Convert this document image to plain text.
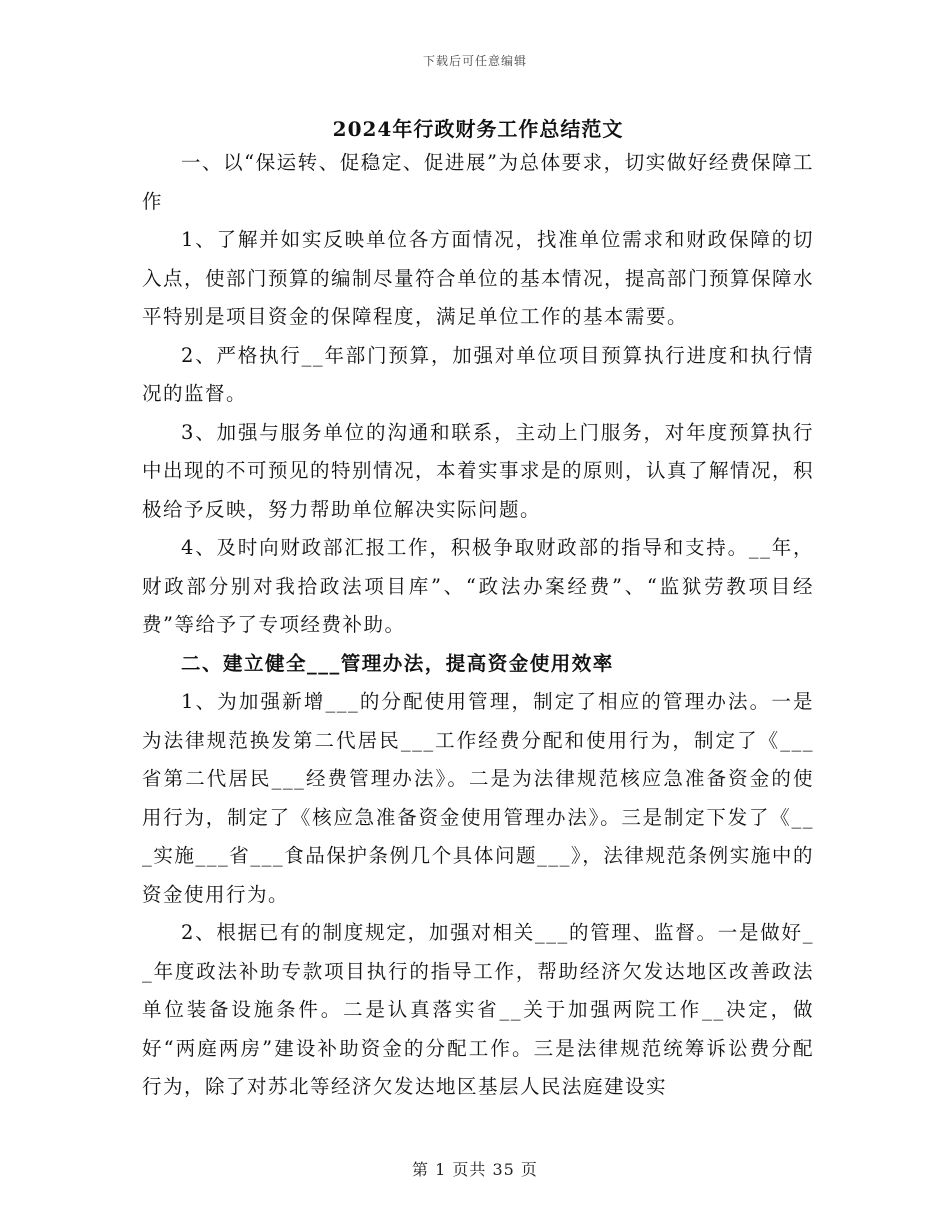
下载后可任意编辑
2024年行政财务工作总结范文

一、以“保运转、促稳定、促进展”为总体要求，切实做好经费保障工作

1、了解并如实反映单位各方面情况，找准单位需求和财政保障的切入点，使部门预算的编制尽量符合单位的基本情况，提高部门预算保障水平特别是项目资金的保障程度，满足单位工作的基本需要。

2、严格执行__年部门预算，加强对单位项目预算执行进度和执行情况的监督。

3、加强与服务单位的沟通和联系，主动上门服务，对年度预算执行中出现的不可预见的特别情况，本着实事求是的原则，认真了解情况，积极给予反映，努力帮助单位解决实际问题。

4、及时向财政部汇报工作，积极争取财政部的指导和支持。__年，财政部分别对我拾政法项目库”、“政法办案经费”、“监狱劳教项目经费”等给予了专项经费补助。

二、建立健全___管理办法，提高资金使用效率

1、为加强新增___的分配使用管理，制定了相应的管理办法。一是为法律规范换发第二代居民___工作经费分配和使用行为，制定了《___省第二代居民___经费管理办法》。二是为法律规范核应急准备资金的使用行为，制定了《核应急准备资金使用管理办法》。三是制定下发了《___实施___省___食品保护条例几个具体问题___》，法律规范条例实施中的资金使用行为。

2、根据已有的制度规定，加强对相关___的管理、监督。一是做好__年度政法补助专款项目执行的指导工作，帮助经济欠发达地区改善政法单位装备设施条件。二是认真落实省__关于加强两院工作__决定，做好“两庭两房”建设补助资金的分配工作。三是法律规范统筹诉讼费分配行为，除了对苏北等经济欠发达地区基层人民法庭建设实

第 1 页共 35 页
